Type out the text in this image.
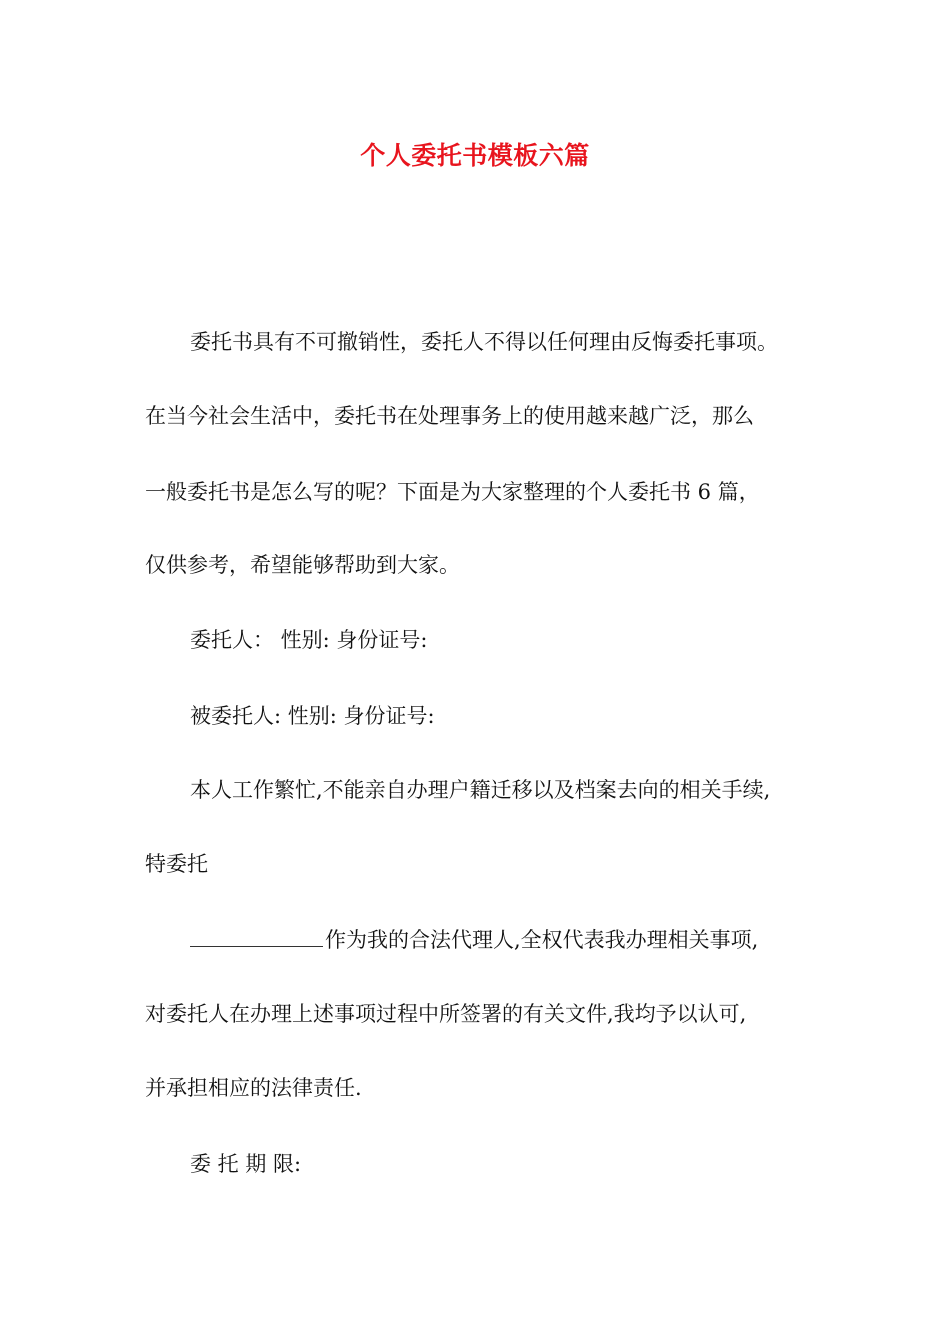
个人委托书模板六篇
委托书具有不可撤销性，委托人不得以任何理由反悔委托事项。
在当今社会生活中，委托书在处理事务上的使用越来越广泛，那么
一般委托书是怎么写的呢？下面是为大家整理的个人委托书 6 篇，
仅供参考，希望能够帮助到大家。
委托人： 性别: 身份证号:
被委托人: 性别: 身份证号:
本人工作繁忙,不能亲自办理户籍迁移以及档案去向的相关手续,
特委托
作为我的合法代理人,全权代表我办理相关事项,
对委托人在办理上述事项过程中所签署的有关文件,我均予以认可,
并承担相应的法律责任.
委 托 期 限:
